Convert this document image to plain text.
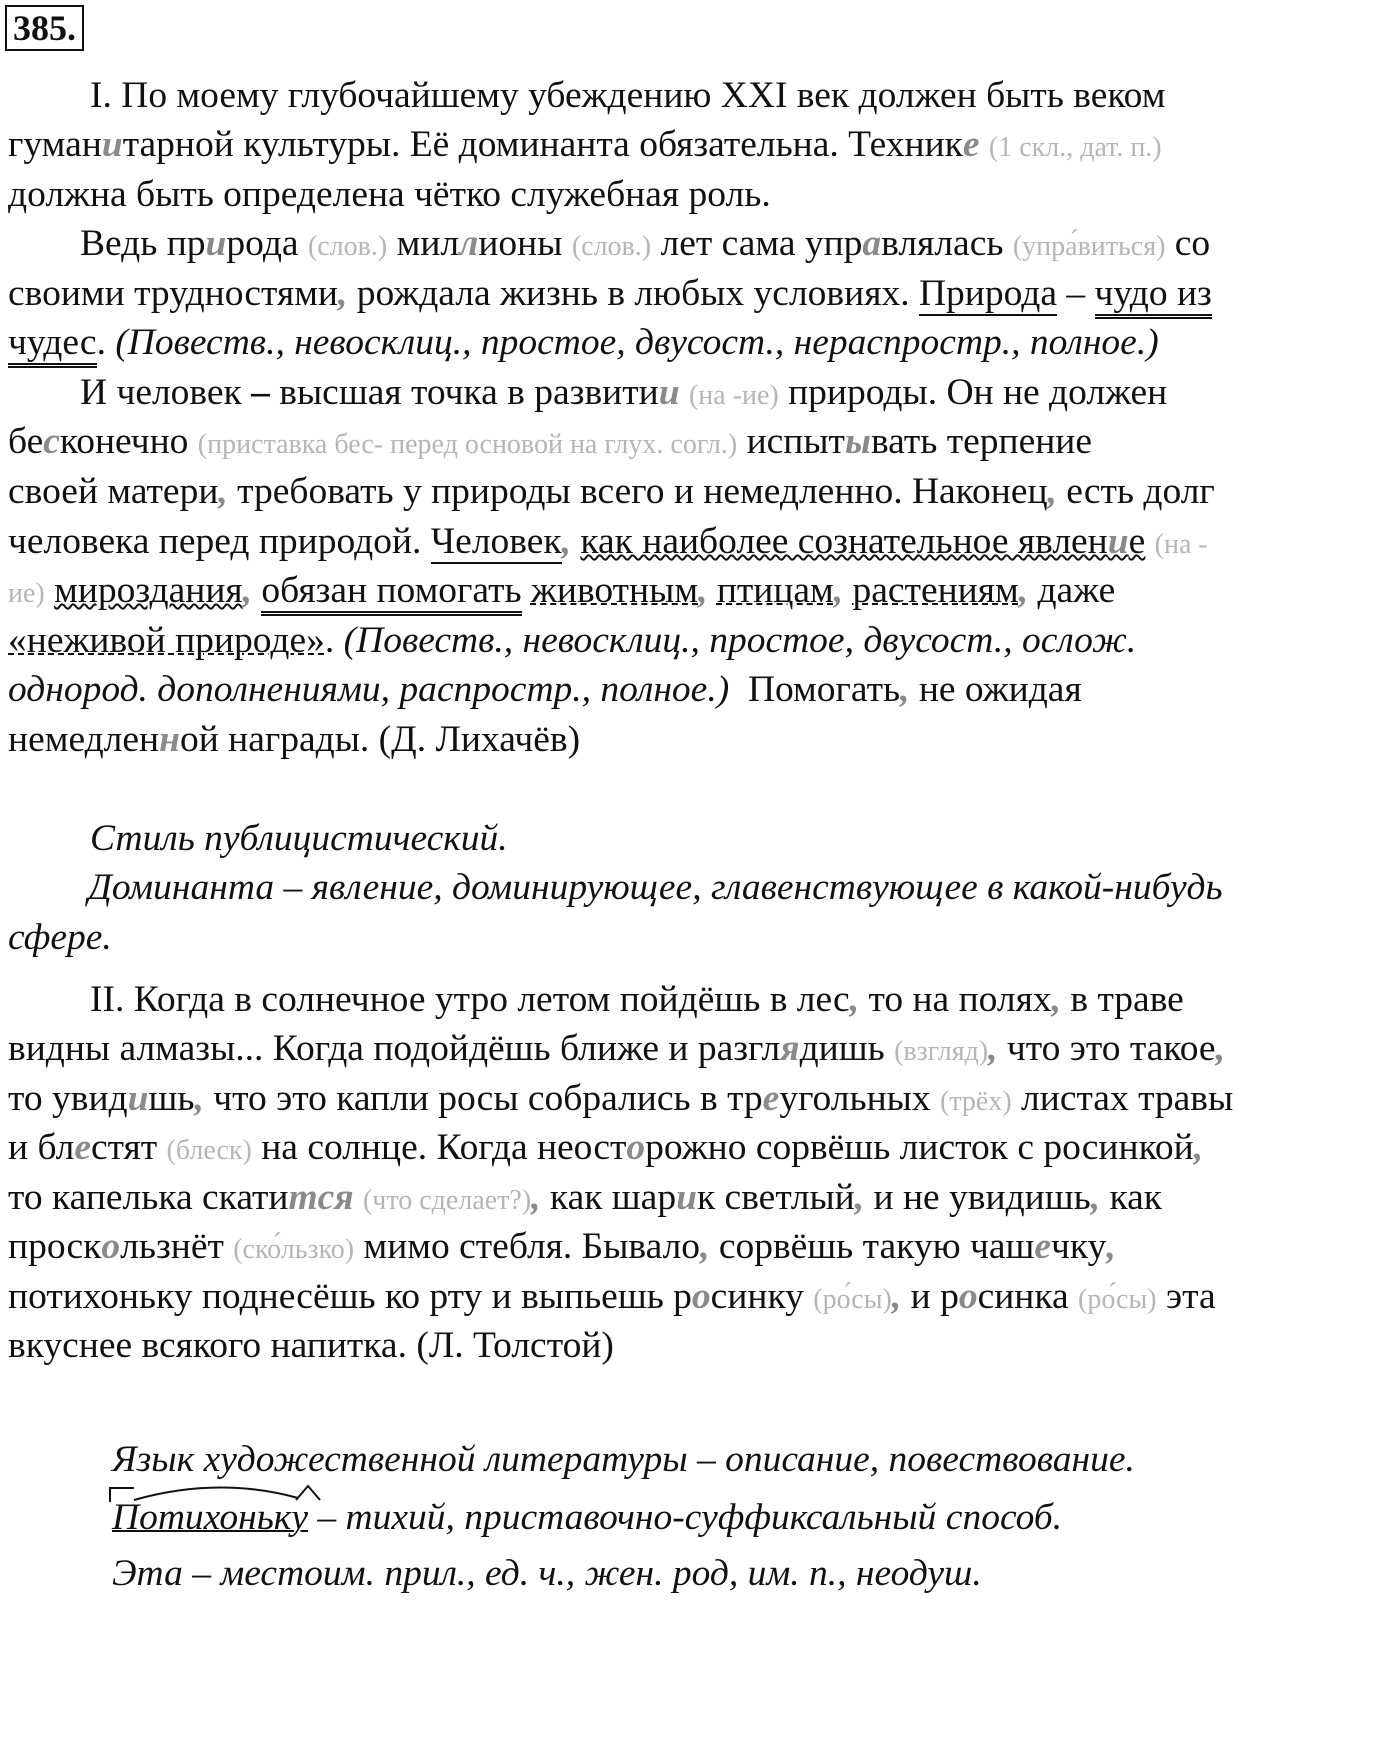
385.
I. По моему глубочайшему убеждению XXI век должен быть веком
гуманитарной культуры. Её доминанта обязательна. Технике (1 скл., дат. п.)
должна быть определена чётко служебная роль.
Ведь природа (слов.) миллионы (слов.) лет сама управлялась (упра́виться) со
своими трудностями, рождала жизнь в любых условиях. Природа – чудо из
чудес. (Повеств., невосклиц., простое, двусост., нераспростр., полное.)
И человек – высшая точка в развитии (на -ие) природы. Он не должен
бесконечно (приставка бес- перед основой на глух. согл.) испытывать терпение
своей матери, требовать у природы всего и немедленно. Наконец, есть долг
человека перед природой. Человек, как наиболее сознательное явление (на -
ие) мироздания, обязан помогать животным, птицам, растениям, даже
«неживой природе». (Повеств., невосклиц., простое, двусост., ослож.
однород. дополнениями, распростр., полное.) Помогать, не ожидая
немедленной награды. (Д. Лихачёв)
Стиль публицистический.
Доминанта – явление, доминирующее, главенствующее в какой-нибудь
сфере.
II. Когда в солнечное утро летом пойдёшь в лес, то на полях, в траве
видны алмазы... Когда подойдёшь ближе и разглядишь (взгляд), что это такое,
то увидишь, что это капли росы собрались в треугольных (трёх) листах травы
и блестят (блеск) на солнце. Когда неосторожно сорвёшь листок с росинкой,
то капелька скатится (что сделает?), как шарик светлый, и не увидишь, как
проскользнёт (ско́льзко) мимо стебля. Бывало, сорвёшь такую чашечку,
потихоньку поднесёшь ко рту и выпьешь росинку (ро́сы), и росинка (ро́сы) эта
вкуснее всякого напитка. (Л. Толстой)
Язык художественной литературы – описание, повествование.
Потихоньку – тихий, приставочно-суффиксальный способ.
Эта – местоим. прил., ед. ч., жен. род, им. п., неодуш.
